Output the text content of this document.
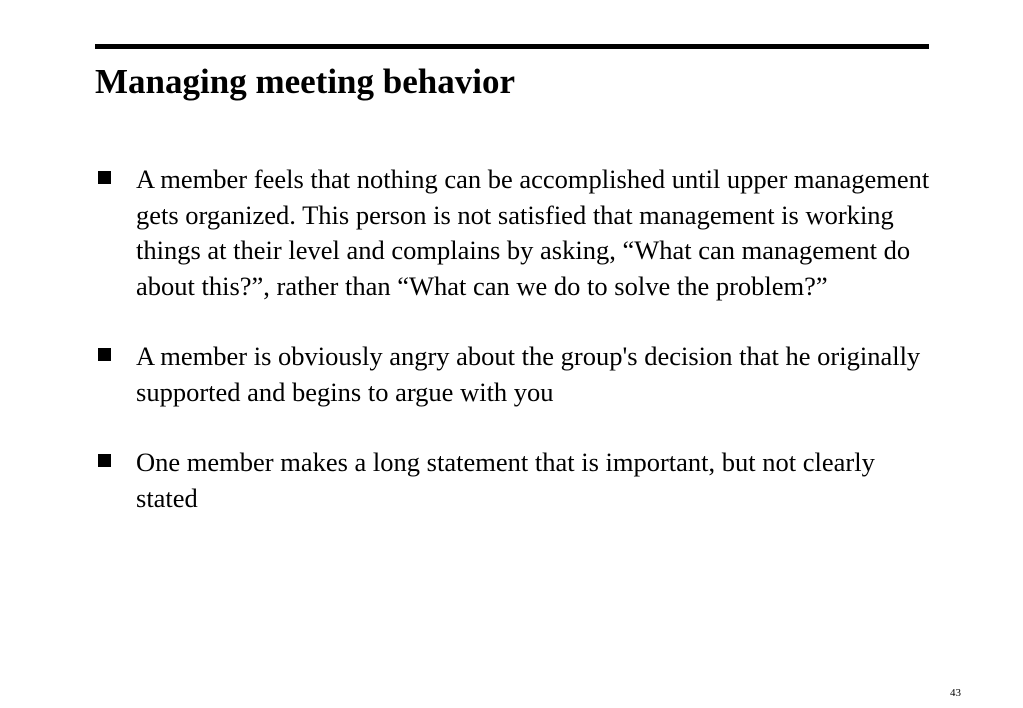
Managing meeting behavior
A member feels that nothing can be accomplished until upper management gets organized. This person is not satisfied that management is working things at their level and complains by asking, “What can management do about this?”, rather than “What can we do to solve the problem?”
A member is obviously angry about the group's decision that he originally supported and begins to argue with you
One member makes a long statement that is important, but not clearly stated
43
